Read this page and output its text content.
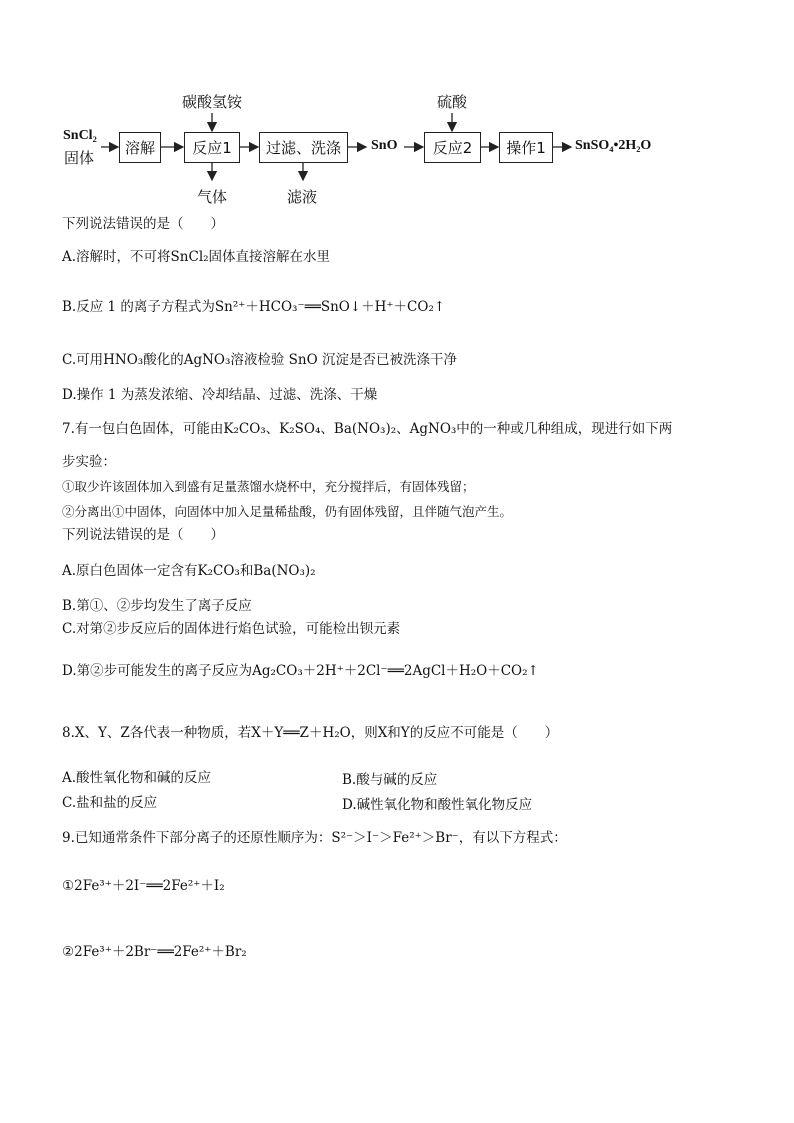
SnCl₂
固体
溶解	反应1	过滤、洗涤	反应2	操作1
碳酸氢铵	硫酸
气体	滤液
SnO	SnSO₄•2H₂O
下列说法错误的是（　　）
A.溶解时，不可将SnCl₂固体直接溶解在水里
B.反应 1 的离子方程式为Sn²⁺＋HCO₃⁻══SnO↓＋H⁺＋CO₂↑
C.可用HNO₃酸化的AgNO₃溶液检验 SnO 沉淀是否已被洗涤干净
D.操作 1 为蒸发浓缩、冷却结晶、过滤、洗涤、干燥
7.有一包白色固体，可能由K₂CO₃、K₂SO₄、Ba(NO₃)₂、AgNO₃中的一种或几种组成，现进行如下两
步实验：
①取少许该固体加入到盛有足量蒸馏水烧杯中，充分搅拌后，有固体残留；
②分离出①中固体，向固体中加入足量稀盐酸，仍有固体残留，且伴随气泡产生。
下列说法错误的是（　　）
A.原白色固体一定含有K₂CO₃和Ba(NO₃)₂
B.第①、②步均发生了离子反应
C.对第②步反应后的固体进行焰色试验，可能检出钡元素
D.第②步可能发生的离子反应为Ag₂CO₃＋2H⁺＋2Cl⁻══2AgCl＋H₂O＋CO₂↑
8.X、Y、Z各代表一种物质，若X＋Y══Z＋H₂O，则X和Y的反应不可能是（　　）
A.酸性氧化物和碱的反应	B.酸与碱的反应
C.盐和盐的反应	D.碱性氧化物和酸性氧化物反应
9.已知通常条件下部分离子的还原性顺序为：S²⁻＞I⁻＞Fe²⁺＞Br⁻，有以下方程式：
①2Fe³⁺＋2I⁻══2Fe²⁺＋I₂
②2Fe³⁺＋2Br⁻══2Fe²⁺＋Br₂
